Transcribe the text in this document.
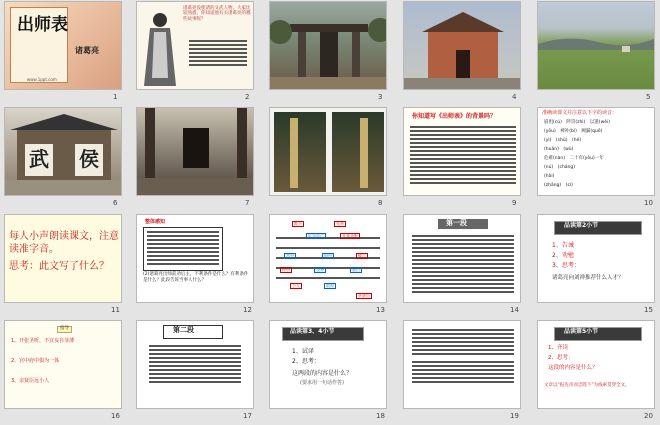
出师表
诸葛亮
www.1ppt.com
1
诸葛亮没使诸的文武人物。大家比较熟悉，你知道他有关诸葛亮的哪些故事呢？
2	3	4	5
武 侯
6	7	8
你知道写《出师表》的背景吗？
9
准确读课文并注意以下字的读音：
崩殂(cú)　陟罚(zhì)　以遗(wèi)
(yōu)　裨补(bì)　阙漏(quē)
(yì)　(shǔ)　(hé)
(huǎn)　(wǔ)
危难(nàn)　二十有(yòu)一年
(nú)　(cháng)
(hǎi)
(zhāng)　(cí)
10
每人小声朗读课文，注意读准字音。
思考：此文写了什么？
11
整体感知
(2)诸葛亮出师前劝后主，不利条件是什么？有利条件是什么？此段告诉当事人什么？
12
陛下	先帝
危急存亡	开张圣听
宫中	府中	攸之
侍中	良将	贤臣
小人	敦厚
亲贤臣
13
第一段
14
品读第2小节
1、告诫
2、劝勉
3、思考：
诸葛亮向刘禅推荐什么人才？
15
指导
1、开张圣听，不宜妄自菲薄
2、宫中府中俱为一体
3、亲贤臣远小人
16
第二段
17
品读第3、4小节
1、试译
2、思考：
这两段的内容是什么？
(要求用一句话作答)
18	19
品读第5小节
1、齐读
2、思考：
这段的内容是什么？
文章以“报先帝而忠陛下”为线索贯穿全文。
20
